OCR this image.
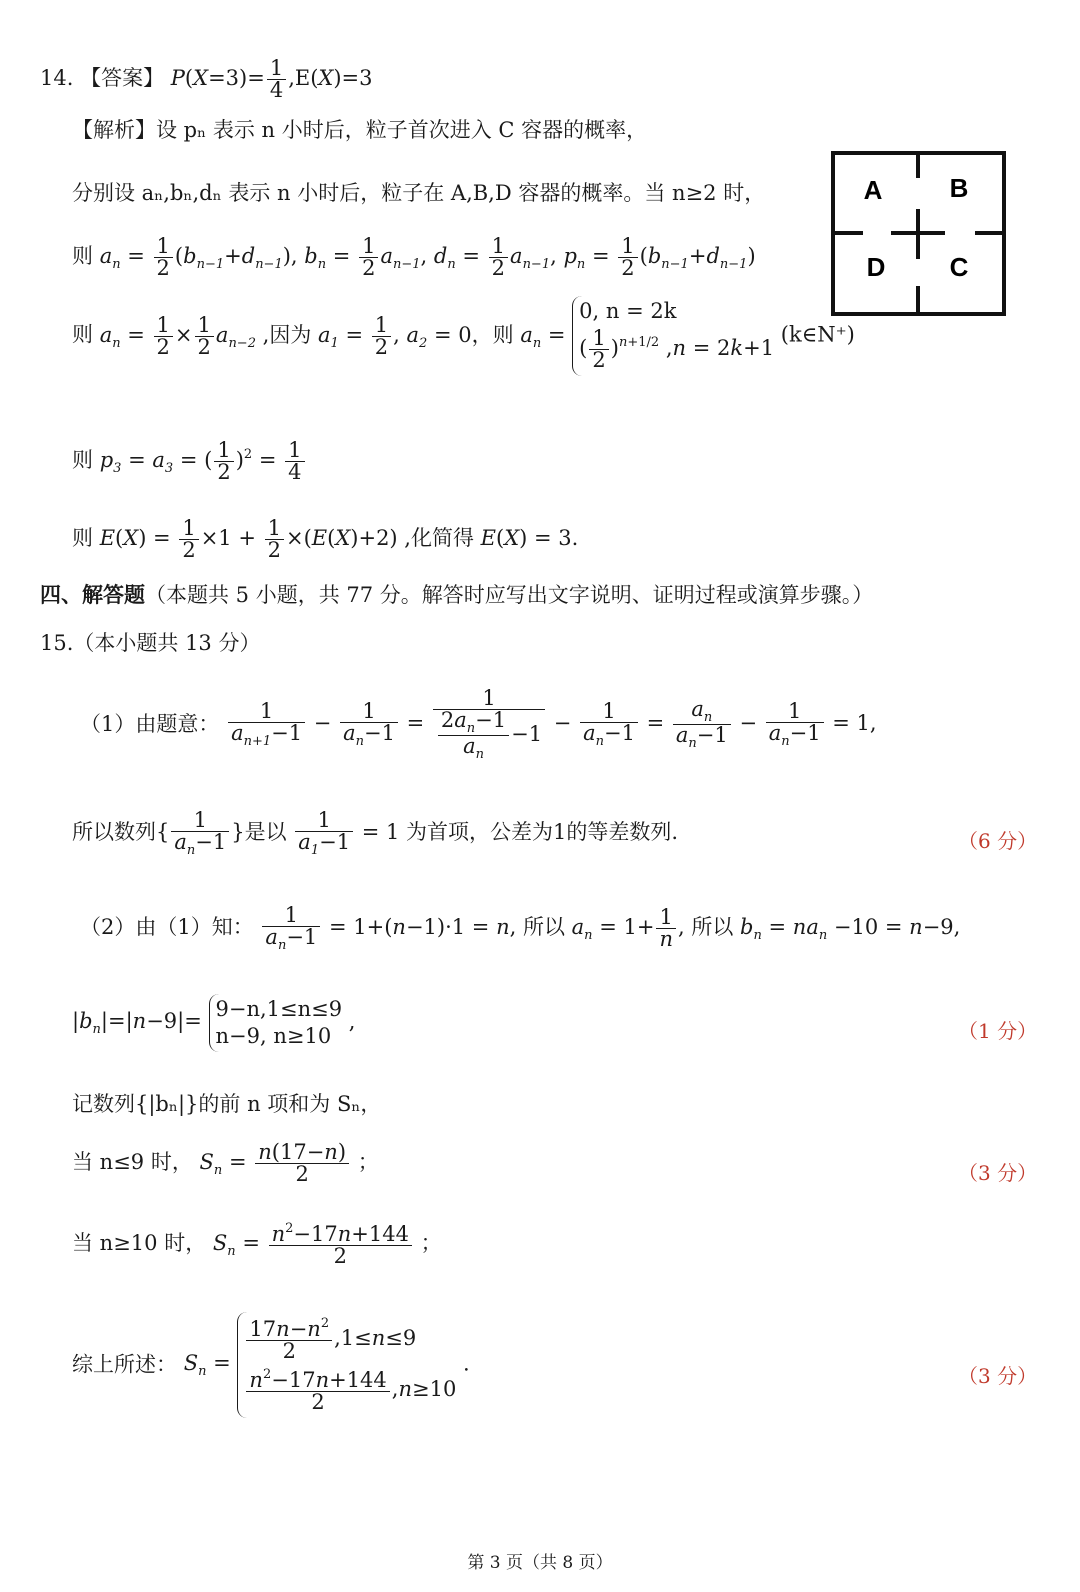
14. 【答案】 $P(X=3)= \frac{1}{4} ,E(X)=3$
【解析】设 pₙ 表示 n 小时后，粒子首次进入 C 容器的概率，
分别设 aₙ,bₙ,dₙ 表示 n 小时后，粒子在 A,B,D 容器的概率。当 n≥2 时，
则 $a_n = \frac{1}{2} (b_{n-1}+d_{n-1})$, $b_n = \frac{1}{2} a_{n-1}$, $d_n = \frac{1}{2} a_{n-1}$, $p_n = \frac{1}{2} (b_{n-1}+d_{n-1})$
则 $a_n = \frac{1}{2} \times \frac{1}{2} a_{n-2}$ ,因为 $a_1 = \frac{1}{2}$ , $a_2 = 0$，则 $a_n$ =
0, n = 2k
( $\frac{1}{2} )^{n+1/2}$ ,n = 2k+1
(k∈N⁺)
则 $p_3 = a_3$ = ( $\frac{1}{2} )^2 = \frac{1}{4}$
则 $E(X) = \frac{1}{2} \times 1 + \frac{1}{2} \times(E(X)+2)$ ,化简得 E(X) = 3.
A	B
D C
四、解答题（本题共 5 小题，共 77 分。解答时应写出文字说明、证明过程或演算步骤。）
15.（本小题共 13 分）
（1）由题意： $\frac{1}{a_{n+1}-1} - \frac{1}{a_n-1} = \frac{1}{\frac{2a_n-1}{a_n} -1} - \frac{1}{a_n-1} = \frac{a_n}{a_n-1} - \frac{1}{a_n-1} = 1$,
所以数列{ $\frac{1}{a_n-1}$ }是以 $\frac{1}{a_1-1} = 1$ 为首项，公差为1的等差数列.	（6 分）
（2）由（1）知： $\frac{1}{a_n-1} = 1+(n-1)\cdot 1 = n$, 所以 $a_n = 1+ \frac{1}{n}$ , 所以 $b_n = na_n -10 = n-9$,
$|b_n|=|n-9|= 9-n,1\le n\le 9$
n−9, n≥10
,	（1 分）
记数列{|bₙ|}的前 n 项和为 Sₙ，
当 n≤9 时， $S_n = \frac{n(17-n)}{2}$ ；	（3 分）
当 n≥10 时， $S_n = \frac{n^2-17n+144}{2}$ ；
综上所述： $S_n$ =
$\frac{17n-n^2}{2} ,1\le n\le 9$
$\frac{n^2-17n+144}{2} ,n\ge 10$
.
（3 分）
第 3 页（共 8 页）
